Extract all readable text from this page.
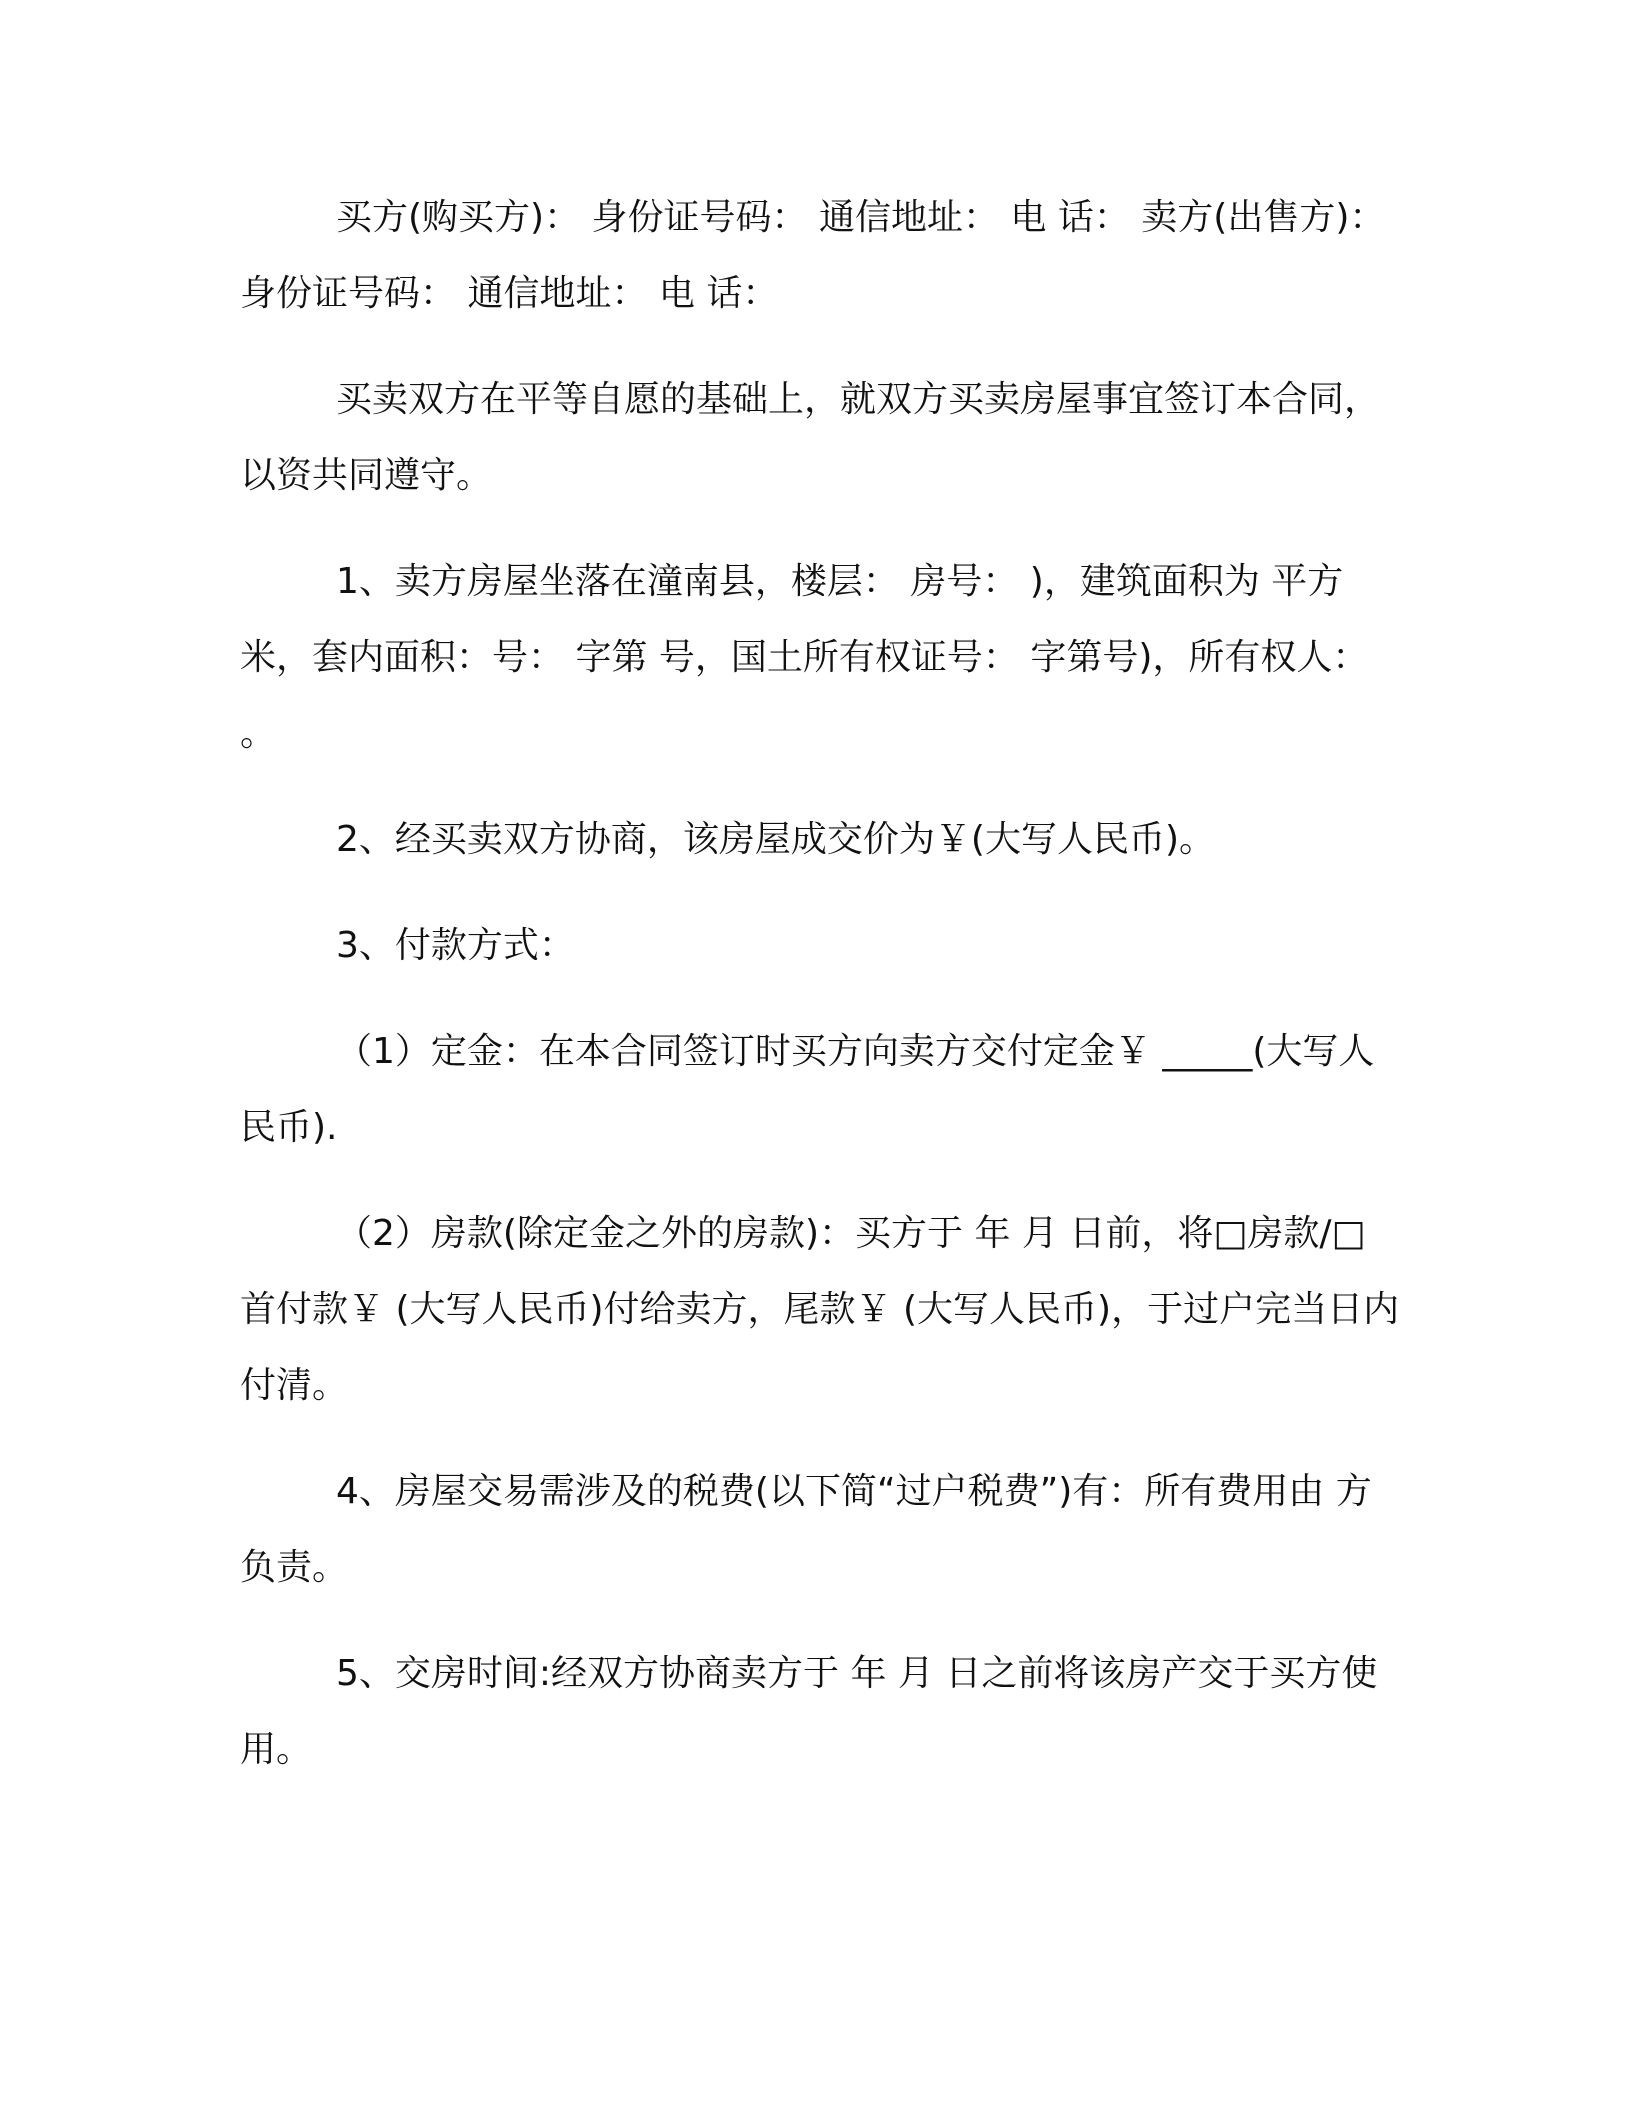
买方(购买方)： 身份证号码： 通信地址： 电 话： 卖方(出售方)：身份证号码： 通信地址： 电 话：

买卖双方在平等自愿的基础上，就双方买卖房屋事宜签订本合同，以资共同遵守。

1、卖方房屋坐落在潼南县，楼层： 房号： )，建筑面积为 平方米，套内面积：号： 字第 号，国土所有权证号： 字第号)，所有权人： 。

2、经买卖双方协商，该房屋成交价为￥(大写人民币)。

3、付款方式：

（1）定金：在本合同签订时买方向卖方交付定金￥ _____(大写人民币).

（2）房款(除定金之外的房款)：买方于 年 月 日前，将□房款/□首付款￥ (大写人民币)付给卖方，尾款￥ (大写人民币)，于过户完当日内付清。

4、房屋交易需涉及的税费(以下简“过户税费”)有：所有费用由 方负责。

5、交房时间:经双方协商卖方于 年 月 日之前将该房产交于买方使用。
